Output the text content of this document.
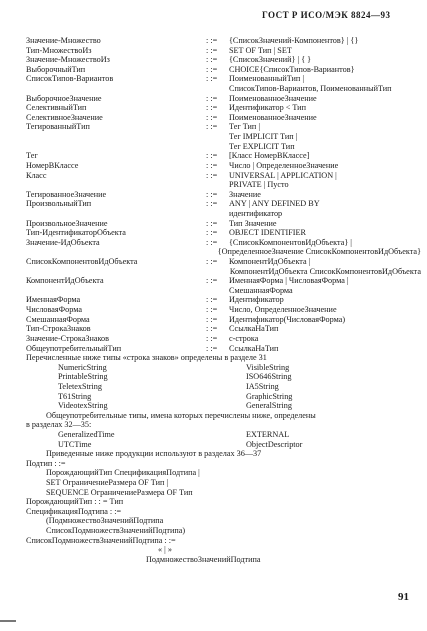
ГОСТ Р ИСО/МЭК 8824—93
Значение-Множество	: :=	{СписокЗначений-Компонентов} | {}
Тип-МножествоИз	: :=	SET OF Тип | SET
Значение-МножествоИз	: :=	{СписокЗначений} | { }
ВыборочныйТип	: :=	CHOICE{СписокТипов-Вариантов}
СписокТипов-Вариантов	: :=	ПоименованныйТип |
СписокТипов-Вариантов, ПоименованныйТип
ВыборочноеЗначение	: :=	ПоименованноеЗначение
СелективныйТип	: :=	Идентификатор < Тип
СелективноеЗначение	: :=	ПоименованноеЗначение
ТегированныйТип	: :=	Тег Тип |
Тег IMPLICIT Тип |
Тег EXPLICIT Тип
Тег	: :=	[Класс НомерВКлассе]
НомерВКлассе	: :=	Число | ОпределенноеЗначение
Класс	: :=	UNIVERSAL | APPLICATION |
PRIVATE | Пусто
ТегированноеЗначение	: :=	Значение
ПроизвольныйТип	: :=	ANY | ANY DEFINED BY
идентификатор
ПроизвольноеЗначение	: :=	Тип Значение
Тип-ИдентификаторОбъекта	: :=	OBJECT IDENTIFIER
Значение-ИдОбъекта	: :=	{СписокКомпонентовИдОбъекта} |
{ОпределенноеЗначение СписокКомпонентовИдОбъекта}
СписокКомпонентовИдОбъекта	: :=	КомпонентИдОбъекта |
КомпонентИдОбъекта СписокКомпонентовИдОбъекта
КомпонентИдОбъекта	: :=	ИменнаяФорма | ЧисловаяФорма |
СмешаннаяФорма
ИменнаяФорма	: :=	Идентификатор
ЧисловаяФорма	: :=	Число, ОпределенноеЗначение
СмешаннаяФорма	: :=	Идентификатор(ЧисловаяФорма)
Тип-СтрокаЗнаков	: :=	СсылкаНаТип
Значение-СтрокаЗнаков	: :=	c-строка
ОбщеупотребительныйТип	: :=	СсылкаНаТип
Перечисленные ниже типы «строка знаков» определены в разделе 31
NumericString	VisibleString
PrintableString	ISO646String
TeletexString	IA5String
T61String	GraphicString
VideotexString	GeneralString
Общеупотребительные типы, имена которых перечислены ниже, определены
в разделах 32—35:
GeneralizedTime	EXTERNAL
UTCTime	ObjectDescriptor
Приведенные ниже продукции используют в разделах 36—37
Подтип : :=
ПорождающийТип СпецификацияПодтипа |
SET ОграничениеРазмера OF Тип |
SEQUENCE ОграничениеРазмера OF Тип
ПорождающийТип : : = Тип
СпецификацияПодтипа : :=
(ПодмножествоЗначенийПодтипа
СписокПодмножествЗначенийПодтипа)
СписокПодмножествЗначенийПодтипа : :=
« | »
ПодмножествоЗначенийПодтипа
91
